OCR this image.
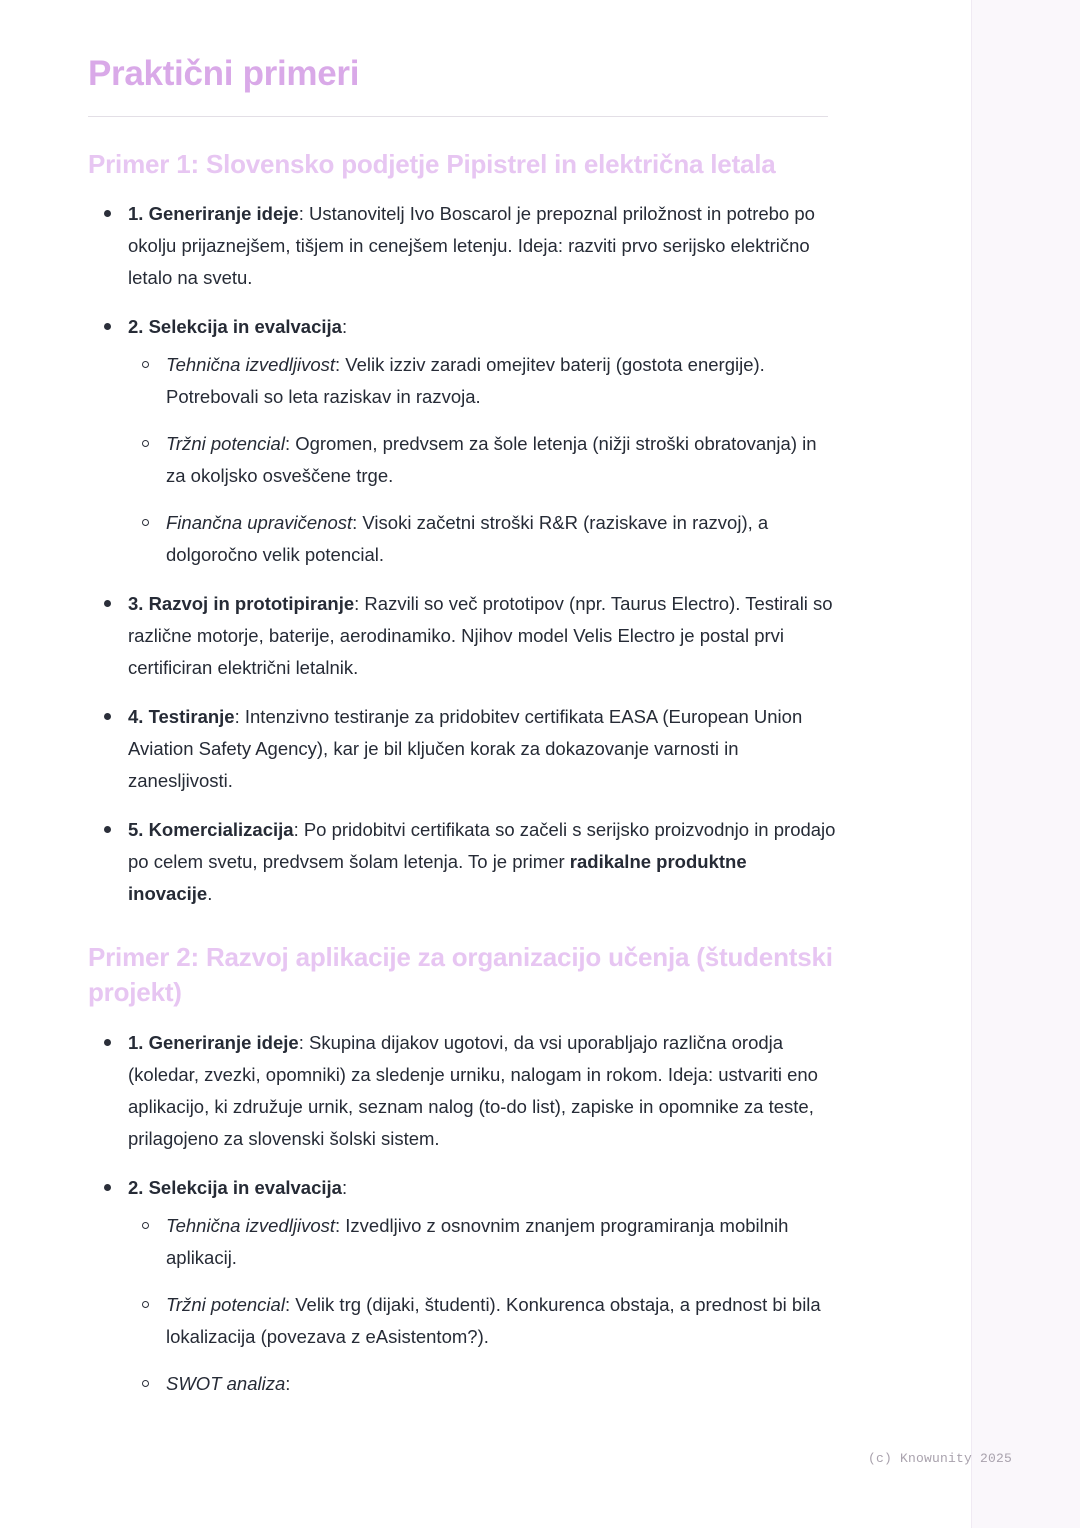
Praktični primeri
Primer 1: Slovensko podjetje Pipistrel in električna letala
1. Generiranje ideje: Ustanovitelj Ivo Boscarol je prepoznal priložnost in potrebo po okolju prijaznejšem, tišjem in cenejšem letenju. Ideja: razviti prvo serijsko električno letalo na svetu.
2. Selekcija in evalvacija:
Tehnična izvedljivost: Velik izziv zaradi omejitev baterij (gostota energije). Potrebovali so leta raziskav in razvoja.
Tržni potencial: Ogromen, predvsem za šole letenja (nižji stroški obratovanja) in za okoljsko osveščene trge.
Finančna upravičenost: Visoki začetni stroški R&R (raziskave in razvoj), a dolgoročno velik potencial.
3. Razvoj in prototipiranje: Razvili so več prototipov (npr. Taurus Electro). Testirali so različne motorje, baterije, aerodinamiko. Njihov model Velis Electro je postal prvi certificiran električni letalnik.
4. Testiranje: Intenzivno testiranje za pridobitev certifikata EASA (European Union Aviation Safety Agency), kar je bil ključen korak za dokazovanje varnosti in zanesljivosti.
5. Komercializacija: Po pridobitvi certifikata so začeli s serijsko proizvodnjo in prodajo po celem svetu, predvsem šolam letenja. To je primer radikalne produktne inovacije.
Primer 2: Razvoj aplikacije za organizacijo učenja (študentski projekt)
1. Generiranje ideje: Skupina dijakov ugotovi, da vsi uporabljajo različna orodja (koledar, zvezki, opomniki) za sledenje urniku, nalogam in rokom. Ideja: ustvariti eno aplikacijo, ki združuje urnik, seznam nalog (to-do list), zapiske in opomnike za teste, prilagojeno za slovenski šolski sistem.
2. Selekcija in evalvacija:
Tehnična izvedljivost: Izvedljivo z osnovnim znanjem programiranja mobilnih aplikacij.
Tržni potencial: Velik trg (dijaki, študenti). Konkurenca obstaja, a prednost bi bila lokalizacija (povezava z eAsistentom?).
SWOT analiza:
(c) Knowunity 2025
